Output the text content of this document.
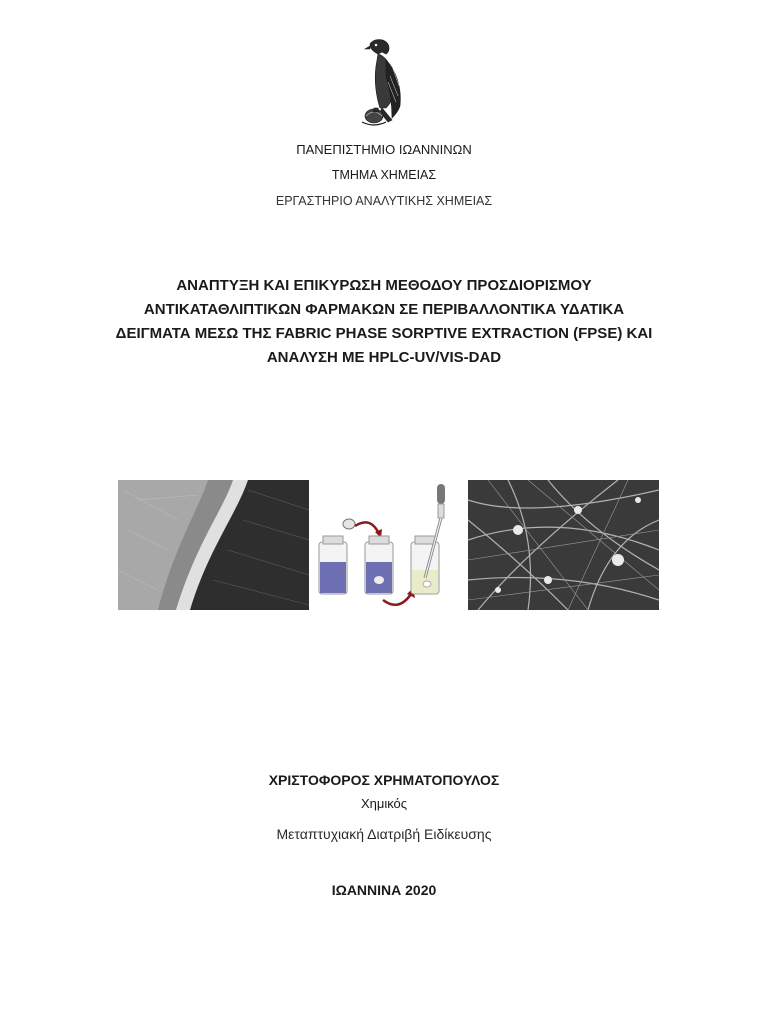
ΠΑΝΕΠΙΣΤΗΜΙΟ ΙΩΑΝΝΙΝΩΝ
ΤΜΗΜΑ ΧΗΜΕΙΑΣ
ΕΡΓΑΣΤΗΡΙΟ ΑΝΑΛΥΤΙΚΗΣ ΧΗΜΕΙΑΣ
ΑΝΑΠΤΥΞΗ ΚΑΙ ΕΠΙΚΥΡΩΣΗ ΜΕΘΟΔΟΥ ΠΡΟΣΔΙΟΡΙΣΜΟΥ
ΑΝΤΙΚΑΤΑΘΛΙΠΤΙΚΩΝ ΦΑΡΜΑΚΩΝ ΣΕ ΠΕΡΙΒΑΛΛΟΝΤΙΚΑ ΥΔΑΤΙΚΑ
ΔΕΙΓΜΑΤΑ ΜΕΣΩ ΤΗΣ FABRIC PHASE SORPTIVE EXTRACTION (FPSE) ΚΑΙ
ΑΝΑΛΥΣΗ ΜΕ HPLC-UV/VIS-DAD
ΧΡΙΣΤΟΦΟΡΟΣ ΧΡΗΜΑΤΟΠΟΥΛΟΣ
Χημικός
Μεταπτυχιακή Διατριβή Ειδίκευσης
ΙΩΑΝΝΙΝΑ 2020
